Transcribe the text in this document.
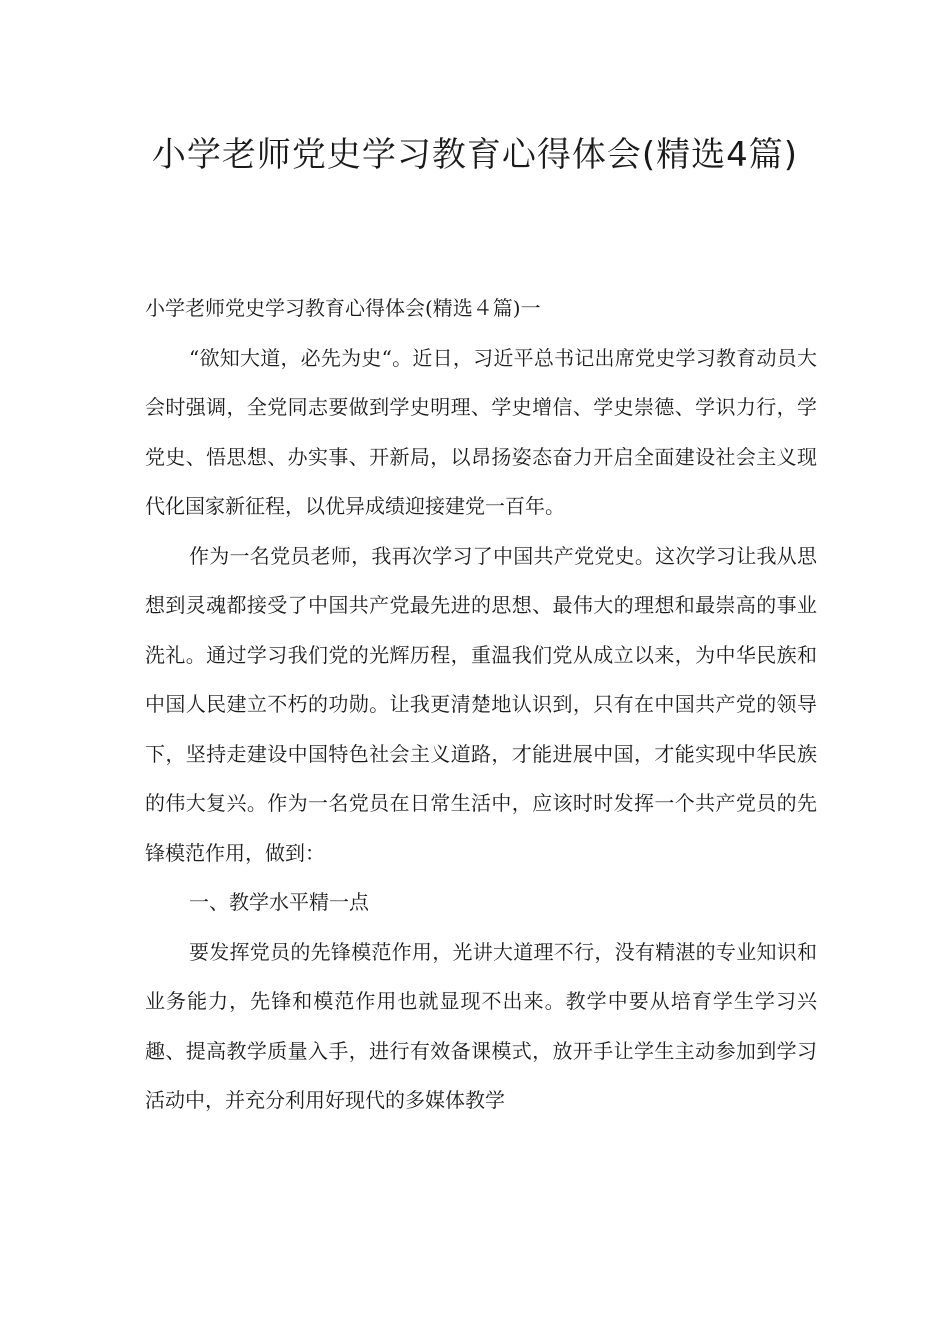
小学老师党史学习教育心得体会(精选4篇)

小学老师党史学习教育心得体会(精选４篇)一

“欲知大道，必先为史“。近日，习近平总书记出席党史学习教育动员大会时强调，全党同志要做到学史明理、学史增信、学史崇德、学识力行，学党史、悟思想、办实事、开新局，以昂扬姿态奋力开启全面建设社会主义现代化国家新征程，以优异成绩迎接建党一百年。

作为一名党员老师，我再次学习了中国共产党党史。这次学习让我从思想到灵魂都接受了中国共产党最先进的思想、最伟大的理想和最崇高的事业洗礼。通过学习我们党的光辉历程，重温我们党从成立以来，为中华民族和中国人民建立不朽的功勋。让我更清楚地认识到，只有在中国共产党的领导下，坚持走建设中国特色社会主义道路，才能进展中国，才能实现中华民族的伟大复兴。作为一名党员在日常生活中，应该时时发挥一个共产党员的先锋模范作用，做到：

一、教学水平精一点

要发挥党员的先锋模范作用，光讲大道理不行，没有精湛的专业知识和业务能力，先锋和模范作用也就显现不出来。教学中要从培育学生学习兴趣、提高教学质量入手，进行有效备课模式，放开手让学生主动参加到学习活动中，并充分利用好现代的多媒体教学
